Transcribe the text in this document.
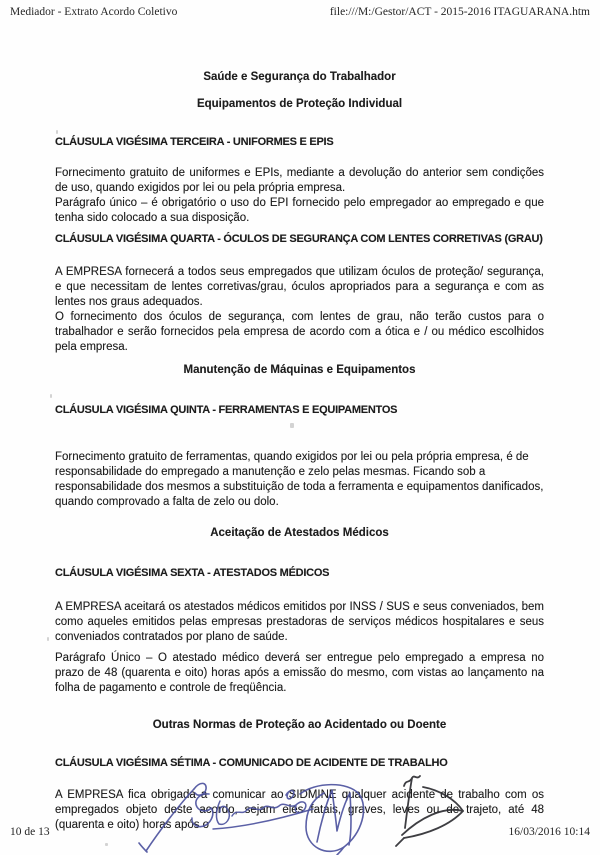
Mediador - Extrato Acordo Coletivo	file:///M:/Gestor/ACT - 2015-2016 ITAGUARANA.htm

Saúde e Segurança do Trabalhador

Equipamentos de Proteção Individual

CLÁUSULA VIGÉSIMA TERCEIRA - UNIFORMES E EPIS

Fornecimento gratuito de uniformes e EPIs, mediante a devolução do anterior sem condições de uso, quando exigidos por lei ou pela própria empresa.

Parágrafo único – é obrigatório o uso do EPI fornecido pelo empregador ao empregado e que tenha sido colocado a sua disposição.

CLÁUSULA VIGÉSIMA QUARTA - ÓCULOS DE SEGURANÇA COM LENTES CORRETIVAS (GRAU)

A EMPRESA fornecerá a todos seus empregados que utilizam óculos de proteção/ segurança, e que necessitam de lentes corretivas/grau, óculos apropriados para a segurança e com as lentes nos graus adequados.

O fornecimento dos óculos de segurança, com lentes de grau, não terão custos para o trabalhador e serão fornecidos pela empresa de acordo com a ótica e / ou médico escolhidos pela empresa.

Manutenção de Máquinas e Equipamentos

CLÁUSULA VIGÉSIMA QUINTA - FERRAMENTAS E EQUIPAMENTOS

Fornecimento gratuito de ferramentas, quando exigidos por lei ou pela própria empresa, é de responsabilidade do empregado a manutenção e zelo pelas mesmas. Ficando sob a responsabilidade dos mesmos a substituição de toda a ferramenta e equipamentos danificados, quando comprovado a falta de zelo ou dolo.

Aceitação de Atestados Médicos

CLÁUSULA VIGÉSIMA SEXTA - ATESTADOS MÉDICOS

A EMPRESA aceitará os atestados médicos emitidos por INSS / SUS e seus conveniados, bem como aqueles emitidos pelas empresas prestadoras de serviços médicos hospitalares e seus conveniados contratados por plano de saúde.

Parágrafo Único – O atestado médico deverá ser entregue pelo empregado a empresa no prazo de 48 (quarenta e oito) horas após a emissão do mesmo, com vistas ao lançamento na folha de pagamento e controle de freqüência.

Outras Normas de Proteção ao Acidentado ou Doente

CLÁUSULA VIGÉSIMA SÉTIMA - COMUNICADO DE ACIDENTE DE TRABALHO

A EMPRESA fica obrigada a comunicar ao SIDMINE qualquer acidente de trabalho com os empregados objeto deste acordo, sejam eles fatais, graves, leves ou de trajeto, até 48 (quarenta e oito) horas após o

10 de 13	16/03/2016 10:14
